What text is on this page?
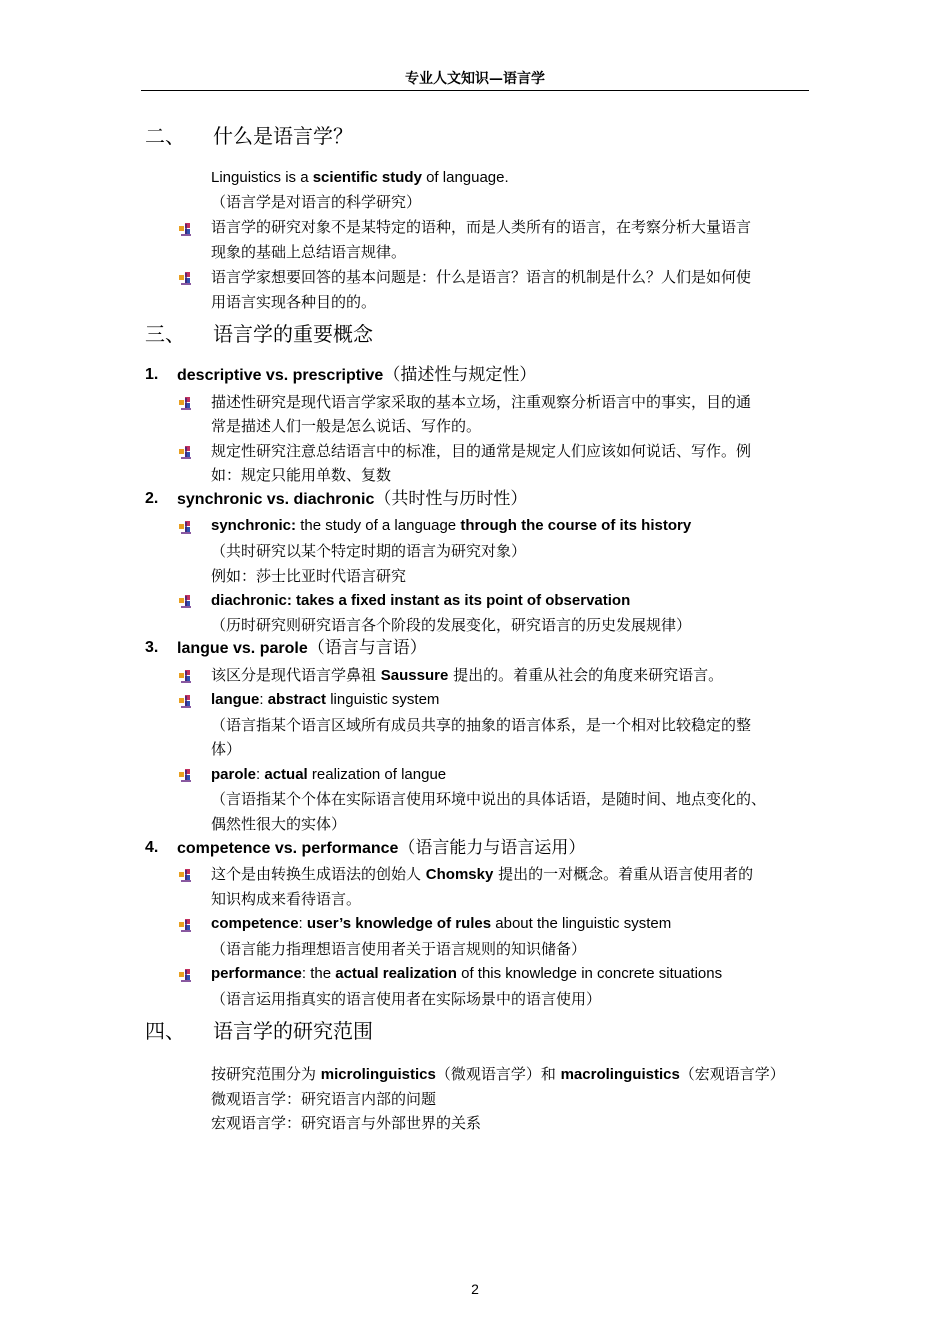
专业人文知识—语言学
二、 什么是语言学？
Linguistics is a scientific study of language.
（语言学是对语言的科学研究）
语言学的研究对象不是某特定的语种，而是人类所有的语言，在考察分析大量语言
现象的基础上总结语言规律。
语言学家想要回答的基本问题是：什么是语言？语言的机制是什么？人们是如何使
用语言实现各种目的的。
三、 语言学的重要概念
1. descriptive vs. prescriptive（描述性与规定性）
描述性研究是现代语言学家采取的基本立场，注重观察分析语言中的事实，目的通
常是描述人们一般是怎么说话、写作的。
规定性研究注意总结语言中的标准，目的通常是规定人们应该如何说话、写作。例
如：规定只能用单数、复数
2. synchronic vs. diachronic（共时性与历时性）
synchronic: the study of a language through the course of its history
（共时研究以某个特定时期的语言为研究对象）
例如：莎士比亚时代语言研究
diachronic: takes a fixed instant as its point of observation
（历时研究则研究语言各个阶段的发展变化，研究语言的历史发展规律）
3. langue vs. parole（语言与言语）
该区分是现代语言学鼻祖 Saussure 提出的。着重从社会的角度来研究语言。
langue: abstract linguistic system
（语言指某个语言区域所有成员共享的抽象的语言体系，是一个相对比较稳定的整
体）
parole: actual realization of langue
（言语指某个个体在实际语言使用环境中说出的具体话语，是随时间、地点变化的、
偶然性很大的实体）
4. competence vs. performance（语言能力与语言运用）
这个是由转换生成语法的创始人 Chomsky 提出的一对概念。着重从语言使用者的
知识构成来看待语言。
competence: user’s knowledge of rules about the linguistic system
（语言能力指理想语言使用者关于语言规则的知识储备）
performance: the actual realization of this knowledge in concrete situations
（语言运用指真实的语言使用者在实际场景中的语言使用）
四、 语言学的研究范围
按研究范围分为 microlinguistics（微观语言学）和 macrolinguistics（宏观语言学）
微观语言学：研究语言内部的问题
宏观语言学：研究语言与外部世界的关系
2
